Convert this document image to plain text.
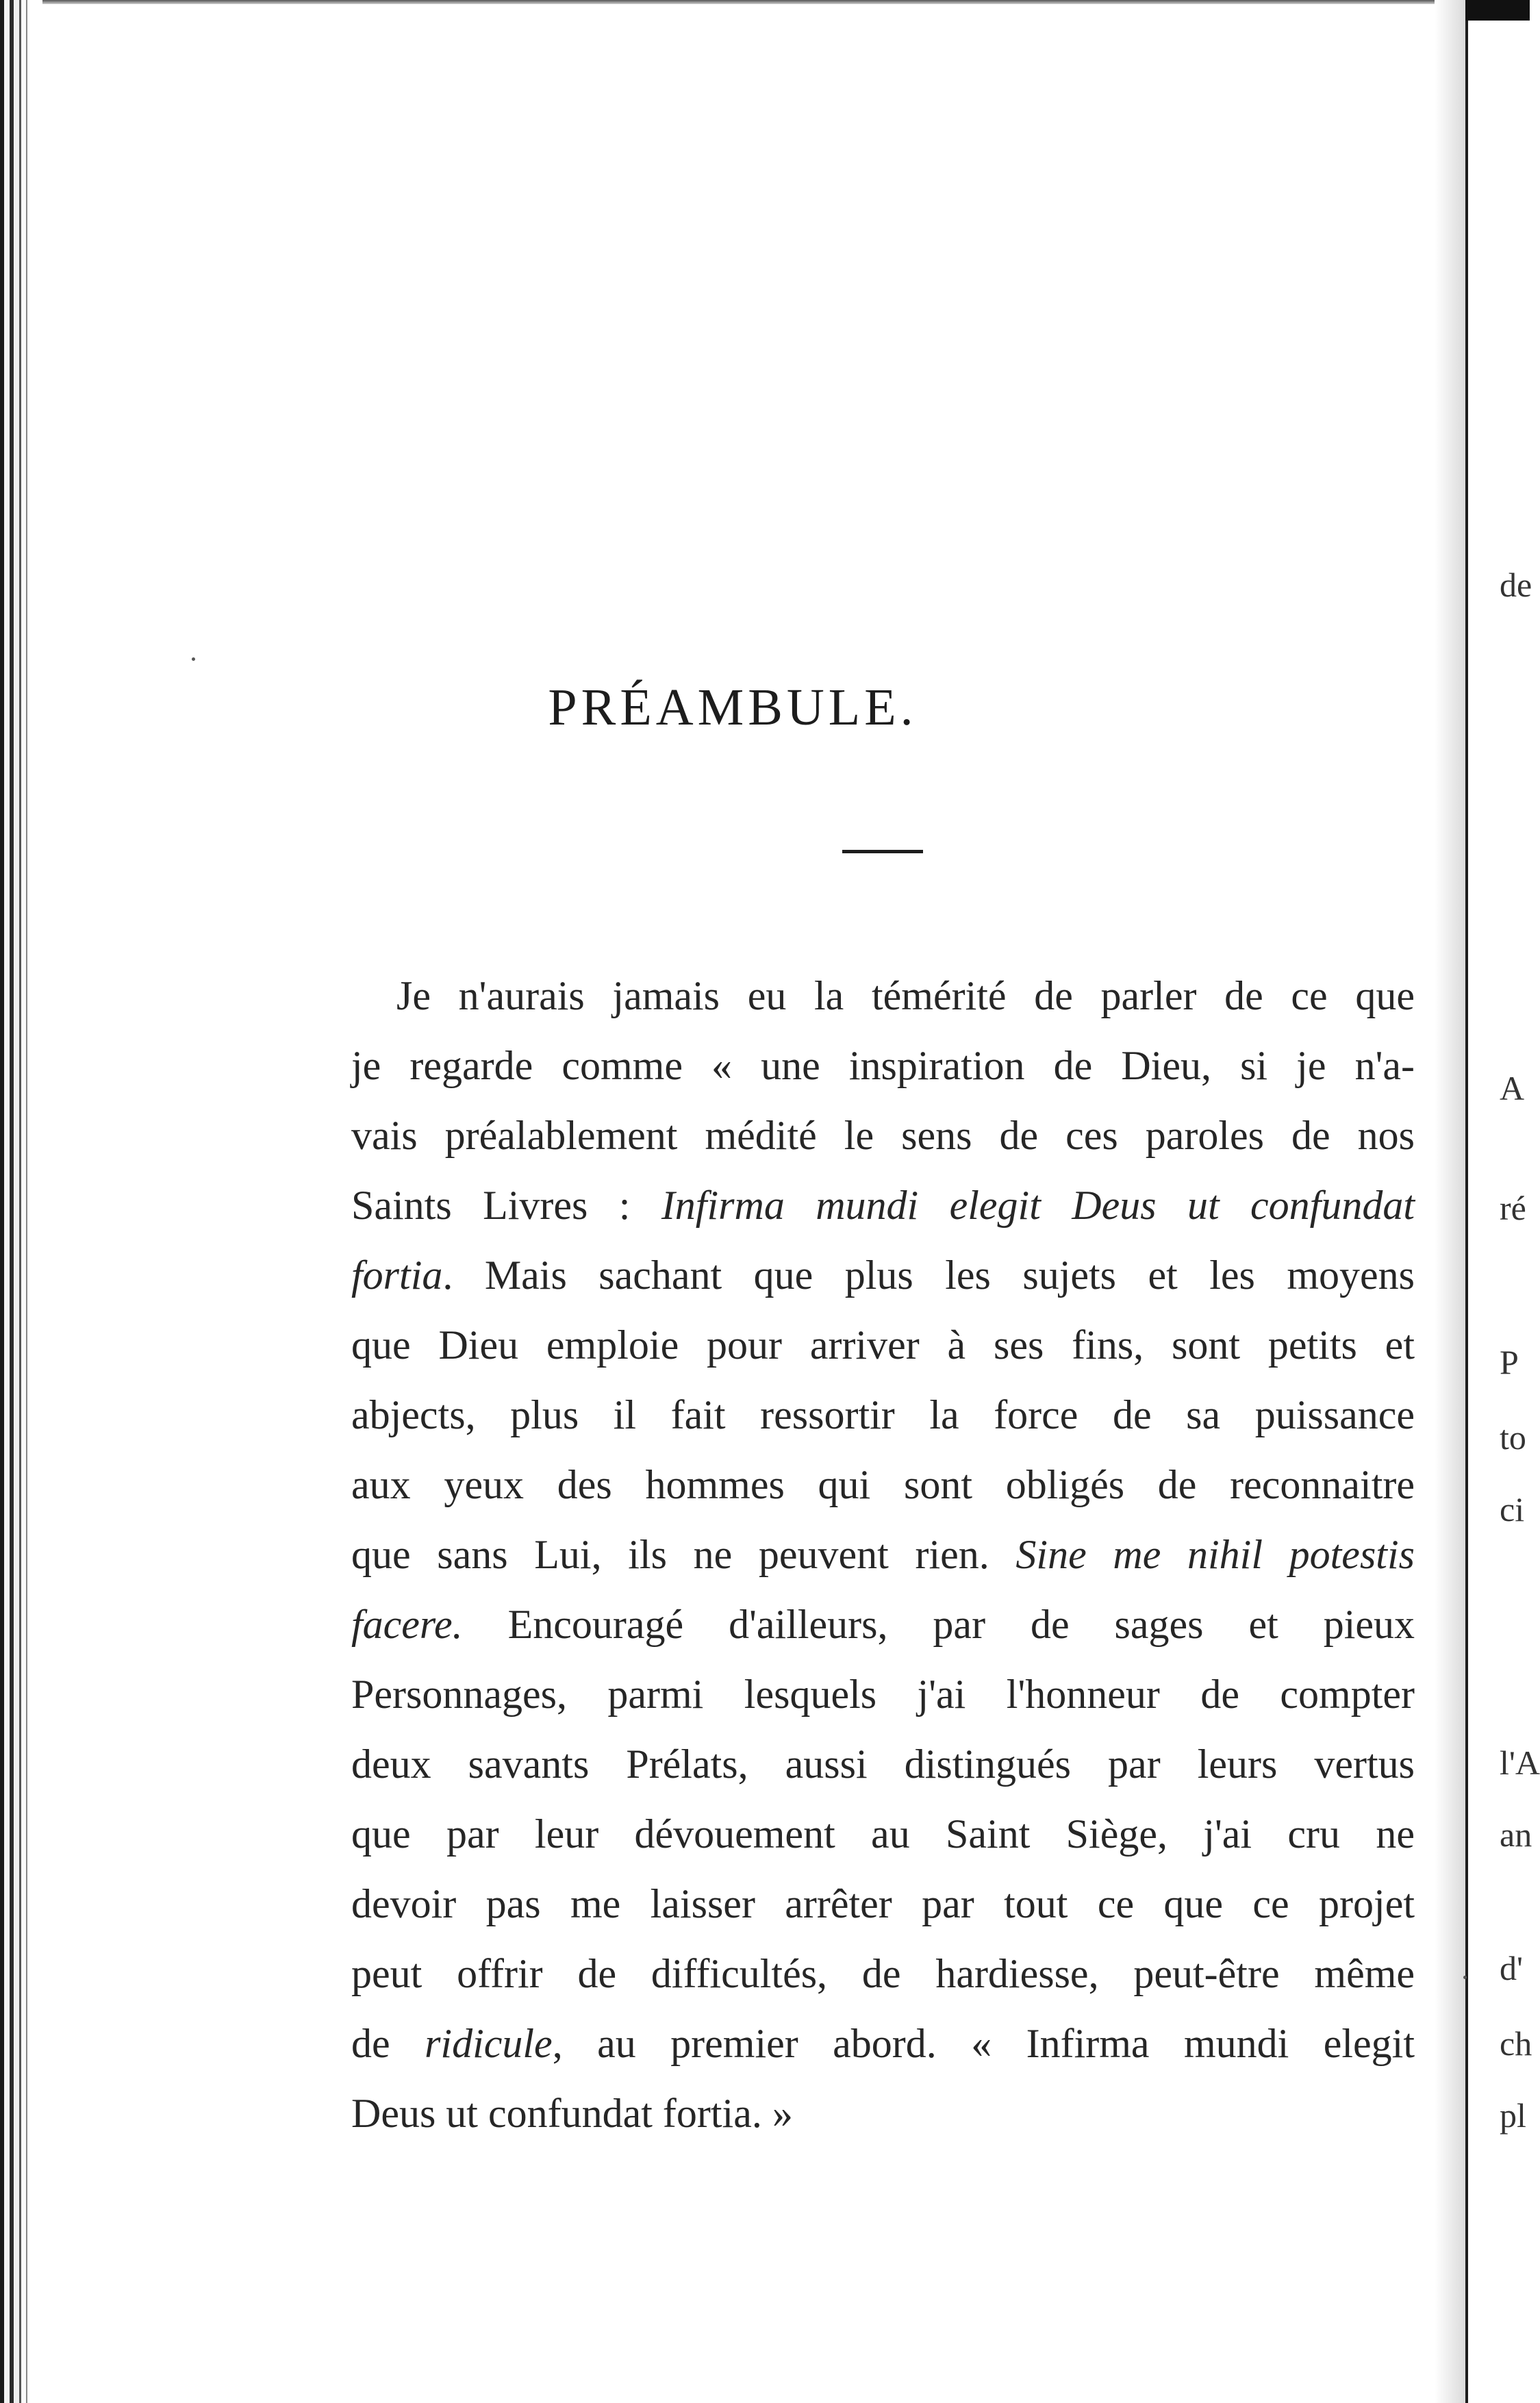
de
A
ré
P
to
ci
l'A
an
d'
ch
pl
PRÉAMBULE.
Je n'aurais jamais eu la témérité de parler de ce que
je regarde comme « une inspiration de Dieu, si je n'a-
vais préalablement médité le sens de ces paroles de nos
Saints Livres : Infirma mundi elegit Deus ut confundat
fortia. Mais sachant que plus les sujets et les moyens
que Dieu emploie pour arriver à ses fins, sont petits et
abjects, plus il fait ressortir la force de sa puissance
aux yeux des hommes qui sont obligés de reconnaitre
que sans Lui, ils ne peuvent rien. Sine me nihil potestis
facere. Encouragé d'ailleurs, par de sages et pieux
Personnages, parmi lesquels j'ai l'honneur de compter
deux savants Prélats, aussi distingués par leurs vertus
que par leur dévouement au Saint Siège, j'ai cru ne
devoir pas me laisser arrêter par tout ce que ce projet
peut offrir de difficultés, de hardiesse, peut-être même
de ridicule, au premier abord. « Infirma mundi elegit
Deus ut confundat fortia. »
